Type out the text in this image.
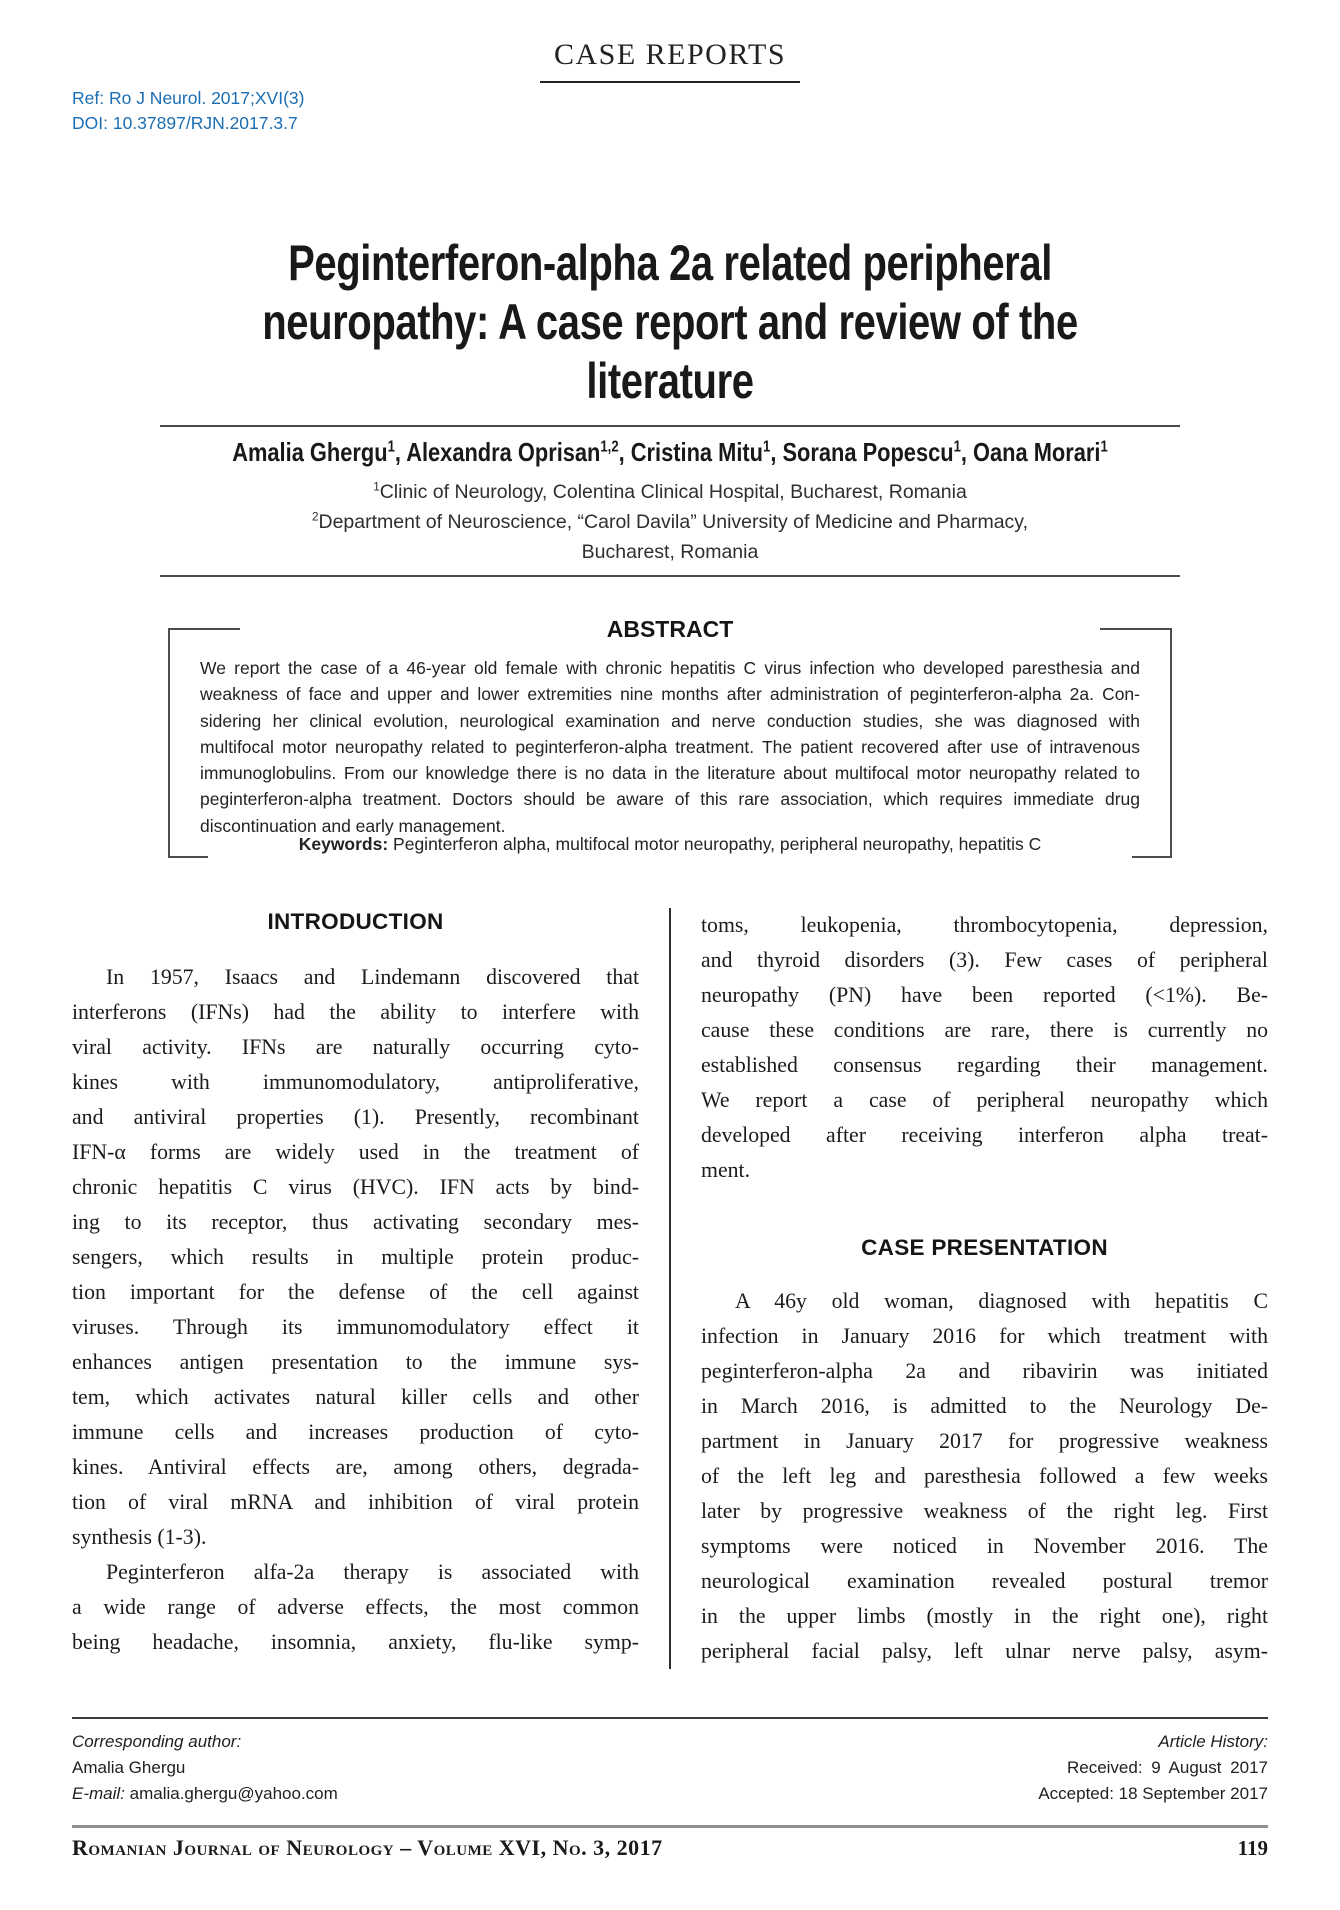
CASE REPORTS
Ref: Ro J Neurol. 2017;XVI(3)
DOI: 10.37897/RJN.2017.3.7
Peginterferon-alpha 2a related peripheral
neuropathy: A case report and review of the
literature
Amalia Ghergu$^1$, Alexandra Oprisan$^{1,2}$, Cristina Mitu$^1$, Sorana Popescu$^1$, Oana Morari$^1$
$^1$Clinic of Neurology, Colentina Clinical Hospital, Bucharest, Romania
$^2$Department of Neuroscience, “Carol Davila” University of Medicine and Pharmacy,
Bucharest, Romania
ABSTRACT
We report the case of a 46-year old female with chronic hepatitis C virus infection who developed paresthesia and
weakness of face and upper and lower extremities nine months after administration of peginterferon-alpha 2a. Con-
sidering her clinical evolution, neurological examination and nerve conduction studies, she was diagnosed with
multifocal motor neuropathy related to peginterferon-alpha treatment. The patient recovered after use of intravenous
immunoglobulins. From our knowledge there is no data in the literature about multifocal motor neuropathy related to
peginterferon-alpha treatment. Doctors should be aware of this rare association, which requires immediate drug
discontinuation and early management.
Keywords: Peginterferon alpha, multifocal motor neuropathy, peripheral neuropathy, hepatitis C
INTRODUCTION
In 1957, Isaacs and Lindemann discovered that
interferons (IFNs) had the ability to interfere with
viral activity. IFNs are naturally occurring cyto-
kines with immunomodulatory, antiproliferative,
and antiviral properties (1). Presently, recombinant
IFN-α forms are widely used in the treatment of
chronic hepatitis C virus (HVC). IFN acts by bind-
ing to its receptor, thus activating secondary mes-
sengers, which results in multiple protein produc-
tion important for the defense of the cell against
viruses. Through its immunomodulatory effect it
enhances antigen presentation to the immune sys-
tem, which activates natural killer cells and other
immune cells and increases production of cyto-
kines. Antiviral effects are, among others, degrada-
tion of viral mRNA and inhibition of viral protein
synthesis (1-3).
Peginterferon alfa-2a therapy is associated with
a wide range of adverse effects, the most common
being headache, insomnia, anxiety, flu-like symp-
toms, leukopenia, thrombocytopenia, depression,
and thyroid disorders (3). Few cases of peripheral
neuropathy (PN) have been reported (<1%). Be-
cause these conditions are rare, there is currently no
established consensus regarding their management.
We report a case of peripheral neuropathy which
developed after receiving interferon alpha treat-
ment.
CASE PRESENTATION
A 46y old woman, diagnosed with hepatitis C
infection in January 2016 for which treatment with
peginterferon-alpha 2a and ribavirin was initiated
in March 2016, is admitted to the Neurology De-
partment in January 2017 for progressive weakness
of the left leg and paresthesia followed a few weeks
later by progressive weakness of the right leg. First
symptoms were noticed in November 2016. The
neurological examination revealed postural tremor
in the upper limbs (mostly in the right one), right
peripheral facial palsy, left ulnar nerve palsy, asym-
Corresponding author:
Amalia Ghergu
E-mail: amalia.ghergu@yahoo.com
Article History:
Received: 9 August 2017
Accepted: 18 September 2017
Romanian Journal of Neurology – Volume XVI, No. 3, 2017	119
